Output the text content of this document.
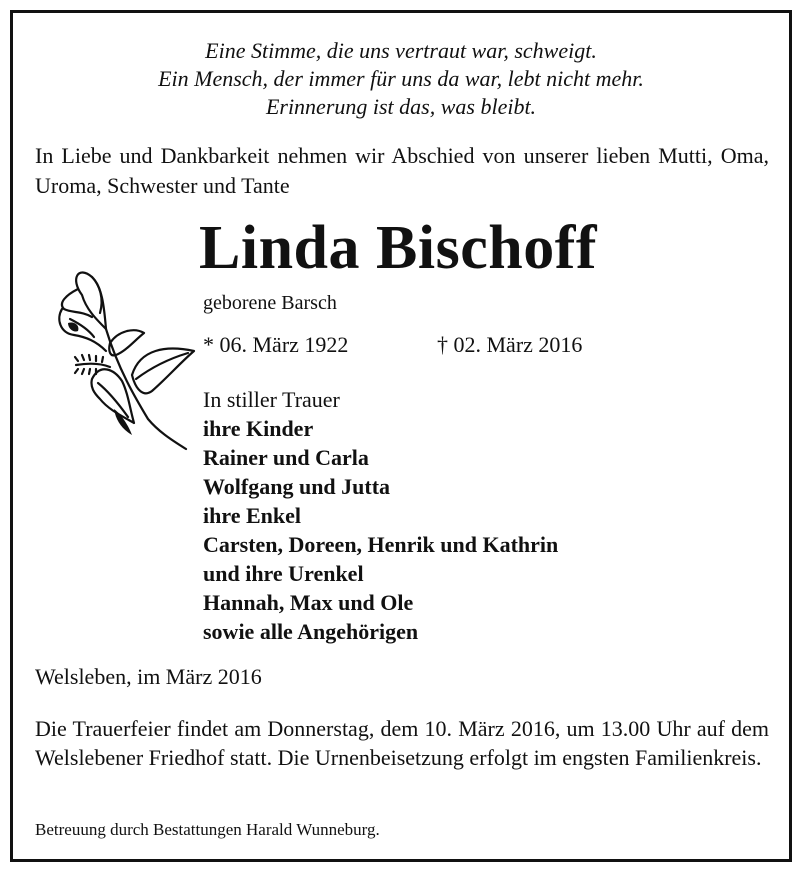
Eine Stimme, die uns vertraut war, schweigt.
Ein Mensch, der immer für uns da war, lebt nicht mehr.
Erinnerung ist das, was bleibt.
In Liebe und Dankbarkeit nehmen wir Abschied von unserer lieben Mutti, Oma, Uroma, Schwester und Tante
Linda Bischoff
geborene Barsch
* 06. März 1922	† 02. März 2016
In stiller Trauer
ihre Kinder
Rainer und Carla
Wolfgang und Jutta
ihre Enkel
Carsten, Doreen, Henrik und Kathrin
und ihre Urenkel
Hannah, Max und Ole
sowie alle Angehörigen
Welsleben, im März 2016
Die Trauerfeier findet am Donnerstag, dem 10. März 2016, um 13.00 Uhr auf dem Welslebener Friedhof statt. Die Urnenbeisetzung erfolgt im engsten Familienkreis.
Betreuung durch Bestattungen Harald Wunneburg.
